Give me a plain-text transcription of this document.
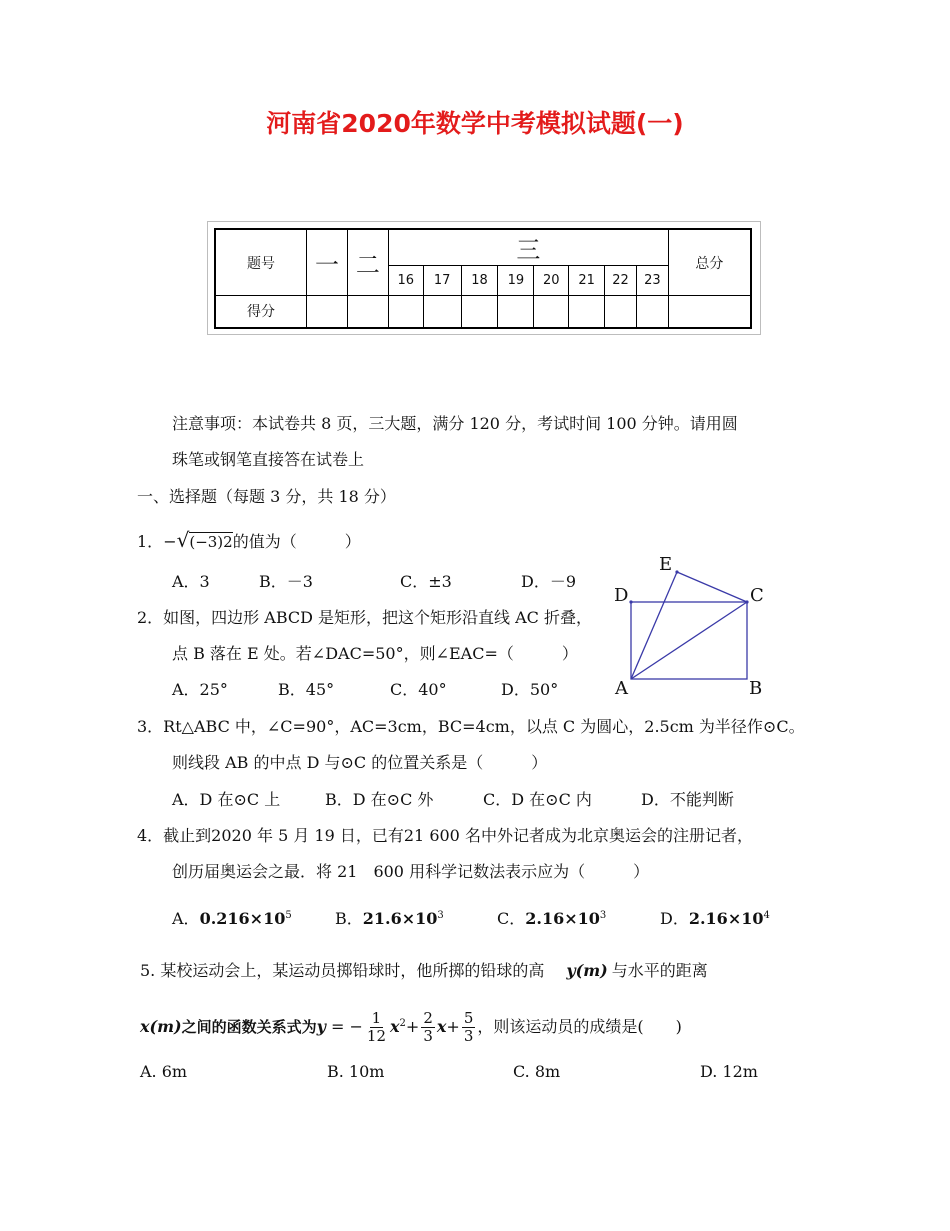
河南省2020年数学中考模拟试题(一)
题号	一	二	三								总分
			16	17	18	19	20	21	22	23	
得分											
注意事项：本试卷共 8 页，三大题，满分 120 分，考试时间 100 分钟。请用圆
珠笔或钢笔直接答在试卷上
一、选择题（每题 3 分，共 18 分）
1．−√(−3)2的值为（　　　）
A．3	B．－3	C．±3	D．－9
2．如图，四边形 ABCD 是矩形，把这个矩形沿直线 AC 折叠，
点 B 落在 E 处。若∠DAC=50°，则∠EAC=（　　　）
A．25°	B．45°	C．40°	D．50°
E
D	C
A	B
3．Rt△ABC 中，∠C=90°，AC=3cm，BC=4cm，以点 C 为圆心，2.5cm 为半径作⊙C。
则线段 AB 的中点 D 与⊙C 的位置关系是（　　　）
A．D 在⊙C 上	B．D 在⊙C 外	C．D 在⊙C 内	D．不能判断
4．截止到2020 年 5 月 19 日，已有21 600 名中外记者成为北京奥运会的注册记者，
创历届奥运会之最．将 21　600 用科学记数法表示应为（　　　）
A．$0.216\times 10^5$	B．$21.6\times 10^3$	C．$2.16\times 10^3$	D．$2.16\times 10^4$
5. 某校运动会上，某运动员掷铅球时，他所掷的铅球的高 y(m) 与水平的距离
x(m)之间的函数关系式为y = − $\frac{1}{12} x^2+ \frac{2}{3} x+ \frac{5}{3}$ ，则该运动员的成绩是(　　)
A. 6m	B. 10m	C. 8m	D. 12m
